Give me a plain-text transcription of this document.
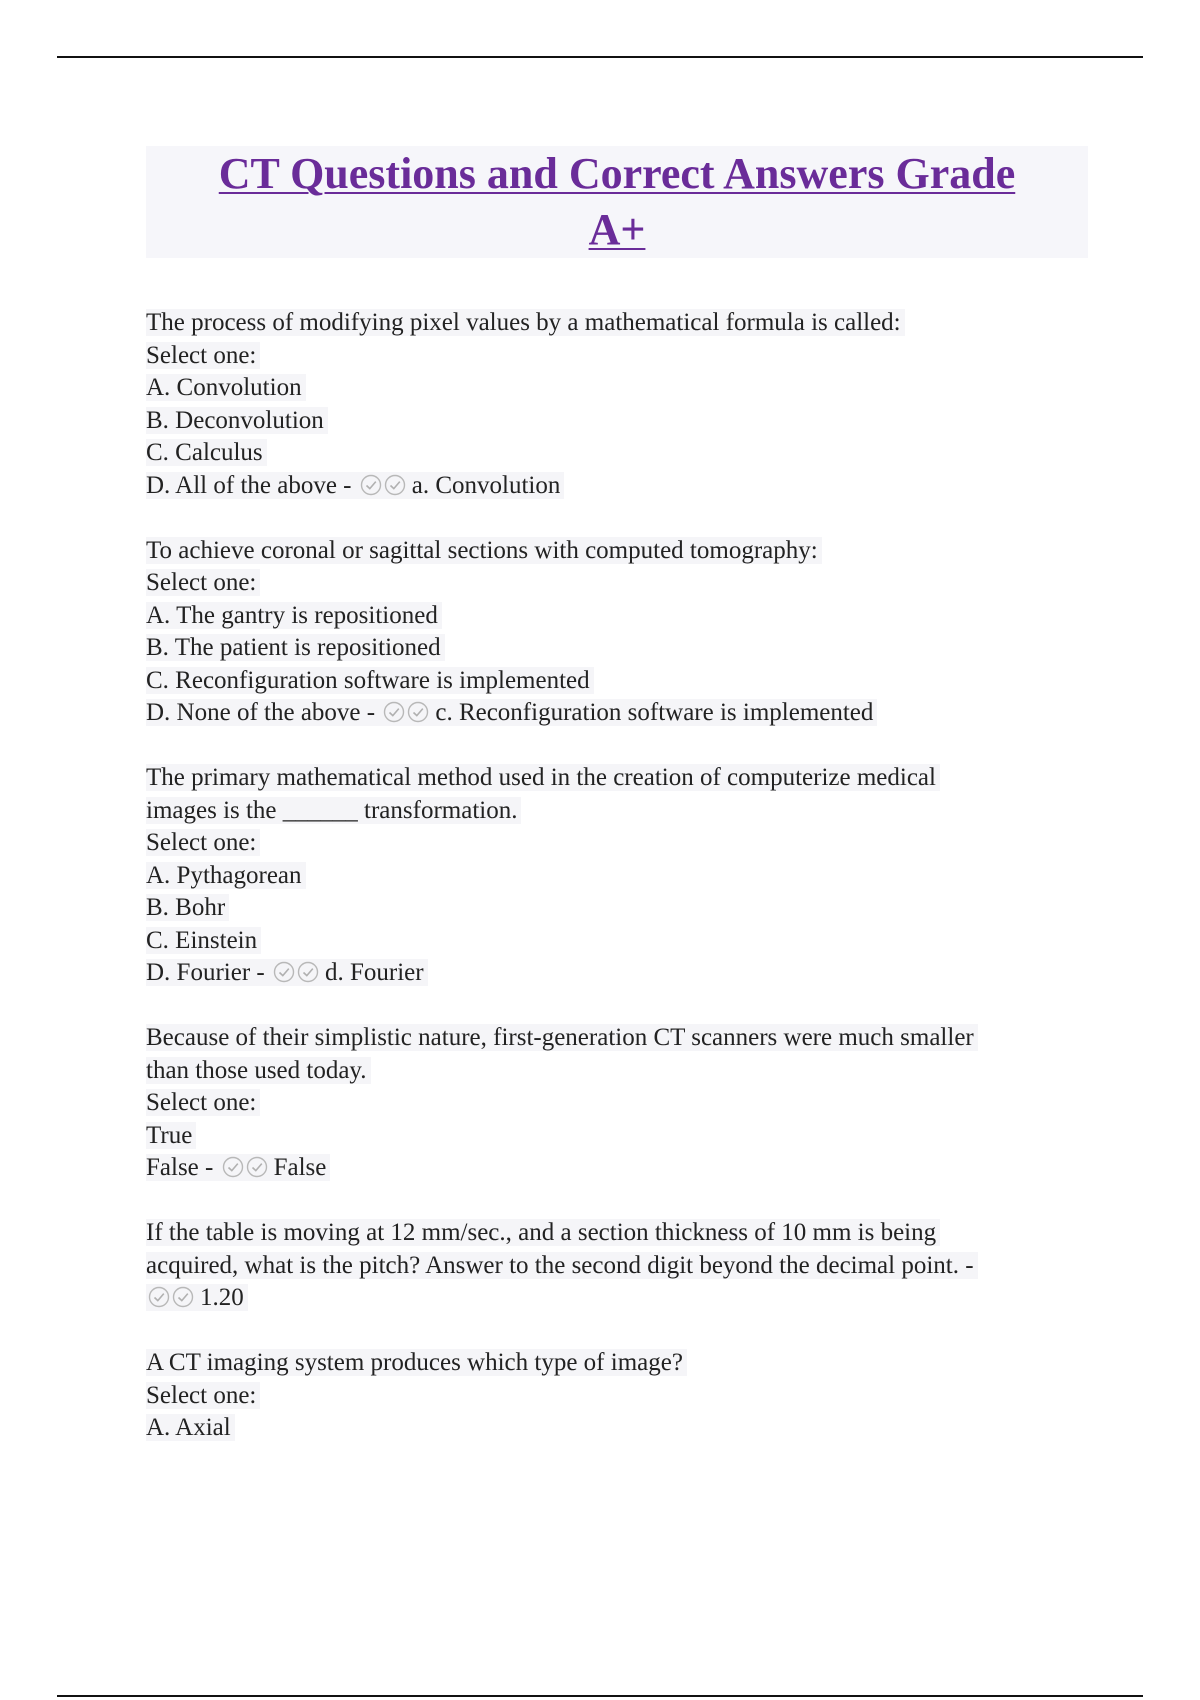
CT Questions and Correct Answers Grade
A+
The process of modifying pixel values by a mathematical formula is called:
Select one:
A. Convolution
B. Deconvolution
C. Calculus
D. All of the above - a. Convolution
To achieve coronal or sagittal sections with computed tomography:
Select one:
A. The gantry is repositioned
B. The patient is repositioned
C. Reconfiguration software is implemented
D. None of the above - c. Reconfiguration software is implemented
The primary mathematical method used in the creation of computerize medical
images is the ______ transformation.
Select one:
A. Pythagorean
B. Bohr
C. Einstein
D. Fourier - d. Fourier
Because of their simplistic nature, first-generation CT scanners were much smaller
than those used today.
Select one:
True
False - False
If the table is moving at 12 mm/sec., and a section thickness of 10 mm is being
acquired, what is the pitch? Answer to the second digit beyond the decimal point. -
1.20
A CT imaging system produces which type of image?
Select one:
A. Axial
